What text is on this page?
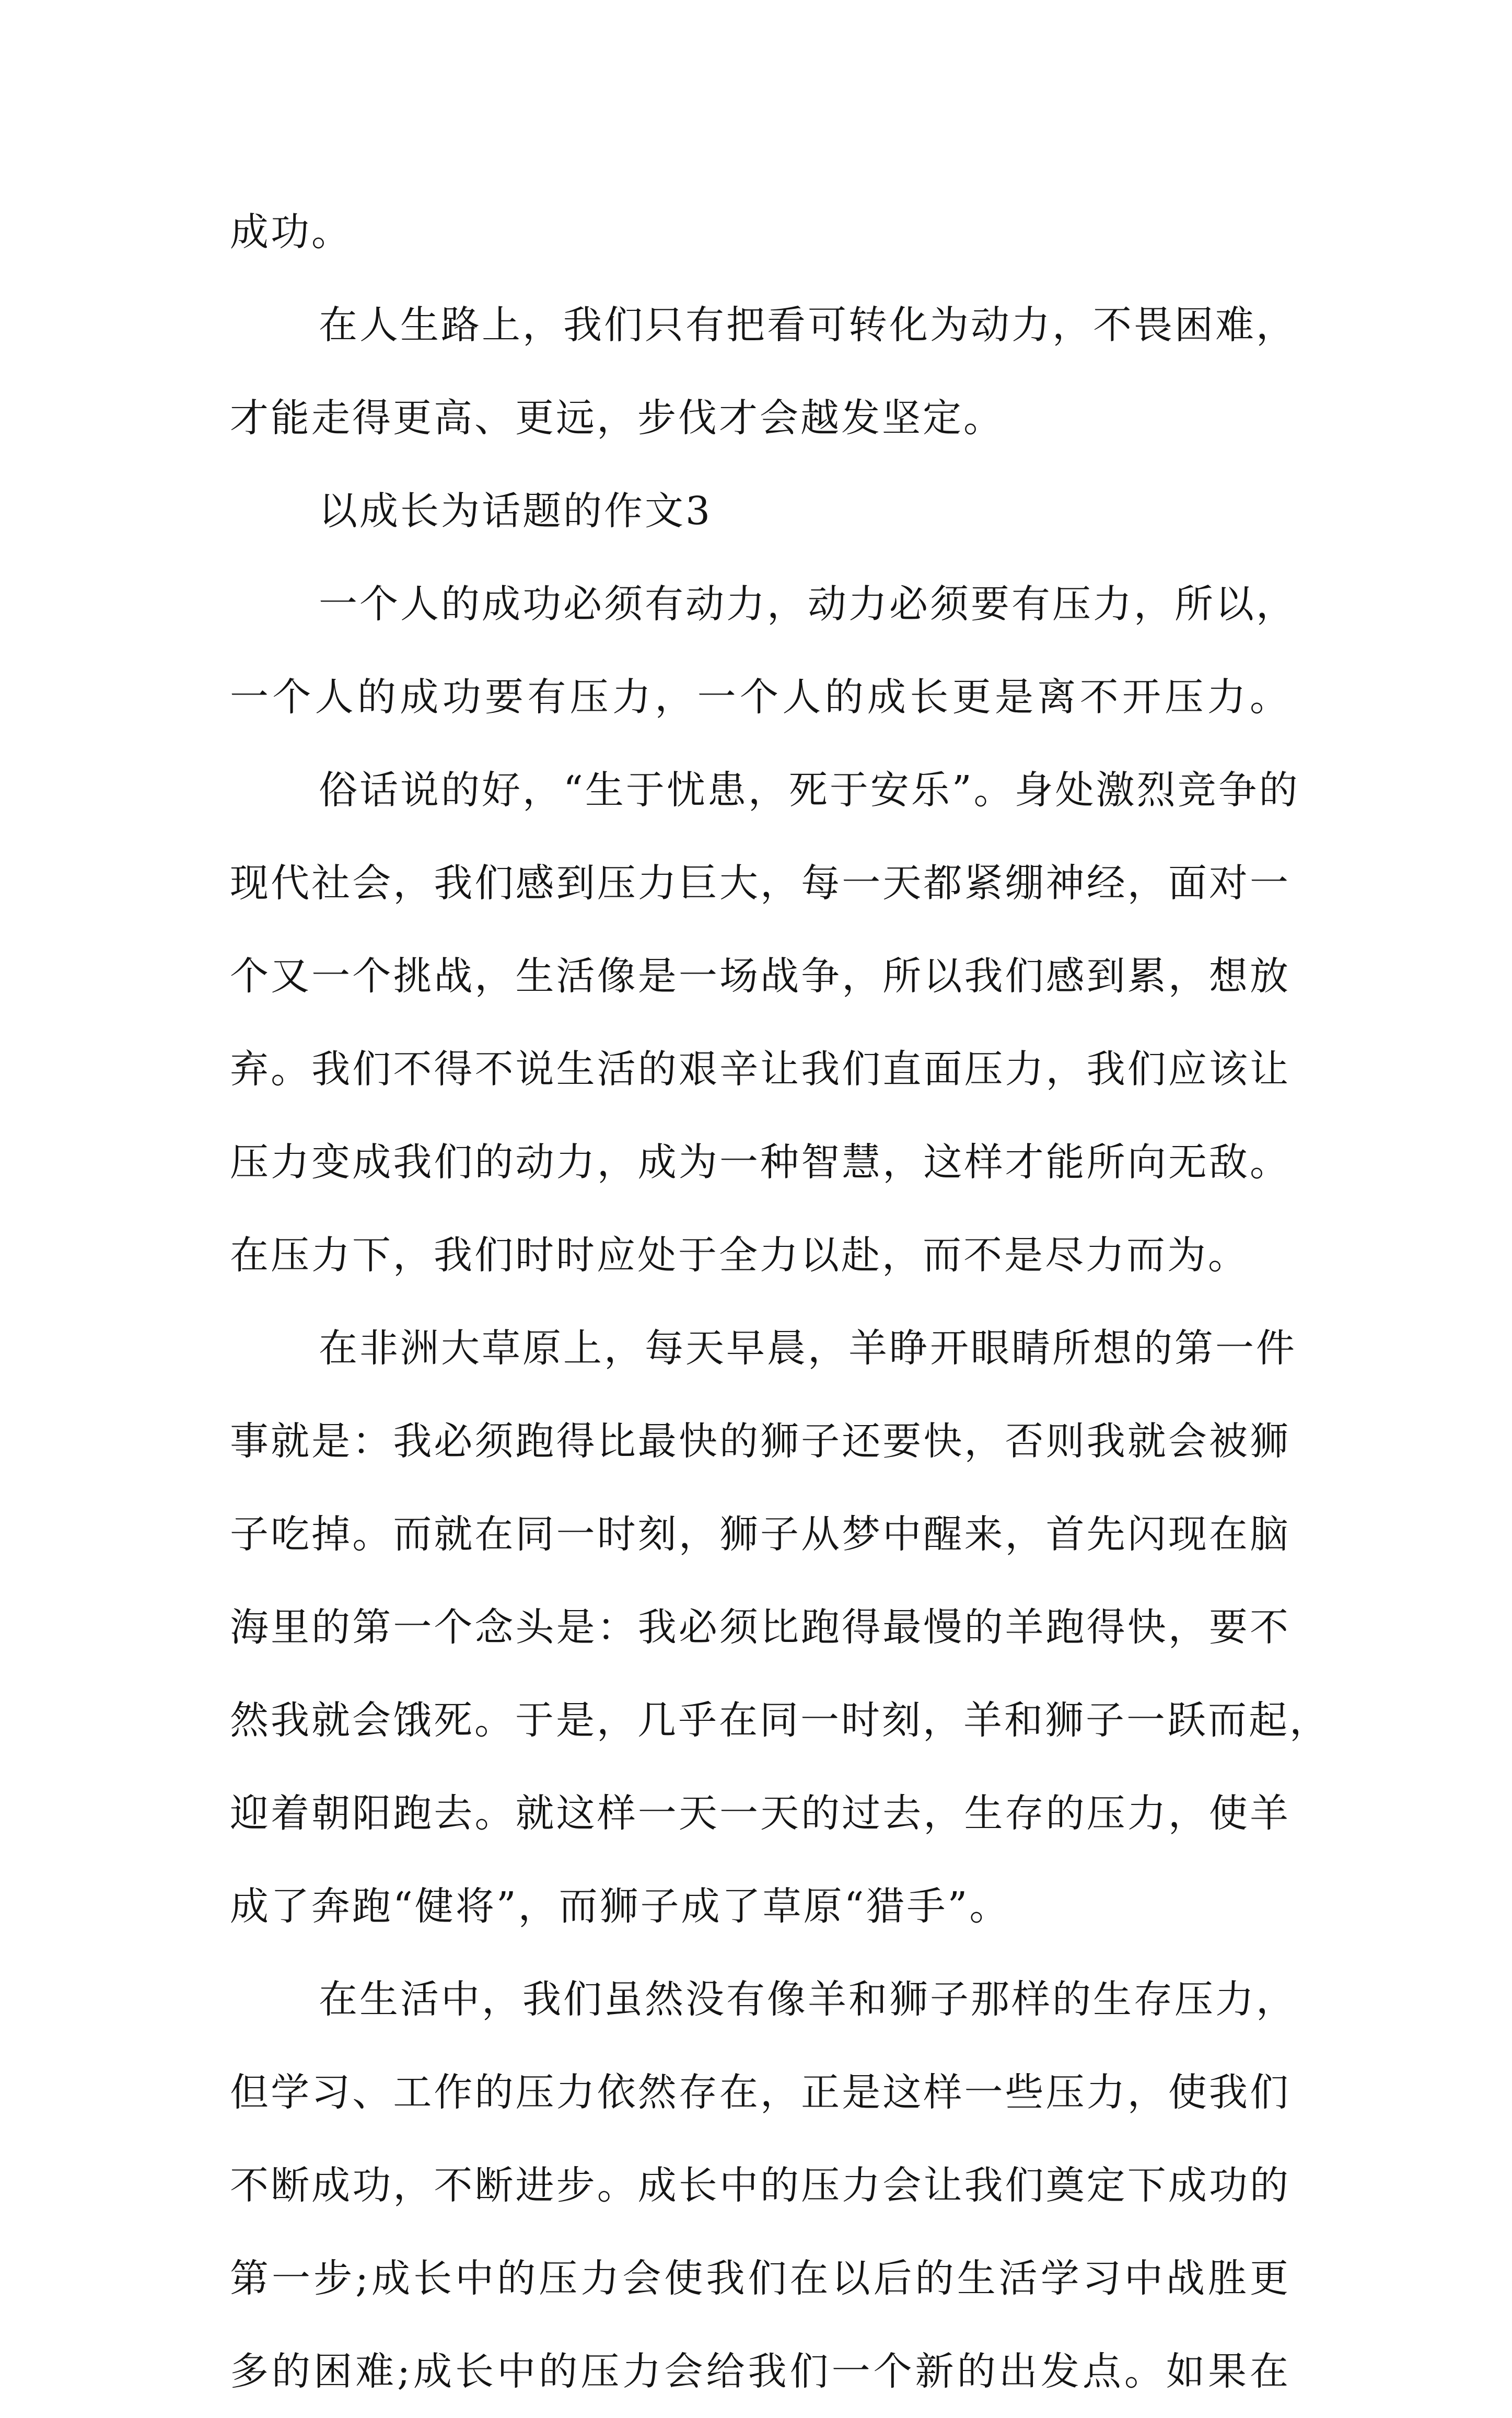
成功。

在人生路上，我们只有把看可转化为动力，不畏困难，

才能走得更高、更远，步伐才会越发坚定。

以成长为话题的作文3

一个人的成功必须有动力，动力必须要有压力，所以，

一个人的成功要有压力，一个人的成长更是离不开压力。

俗话说的好，“生于忧患，死于安乐”。身处激烈竞争的

现代社会，我们感到压力巨大，每一天都紧绷神经，面对一

个又一个挑战，生活像是一场战争，所以我们感到累，想放

弃。我们不得不说生活的艰辛让我们直面压力，我们应该让

压力变成我们的动力，成为一种智慧，这样才能所向无敌。

在压力下，我们时时应处于全力以赴，而不是尽力而为。

在非洲大草原上，每天早晨，羊睁开眼睛所想的第一件

事就是：我必须跑得比最快的狮子还要快，否则我就会被狮

子吃掉。而就在同一时刻，狮子从梦中醒来，首先闪现在脑

海里的第一个念头是：我必须比跑得最慢的羊跑得快，要不

然我就会饿死。于是，几乎在同一时刻，羊和狮子一跃而起，

迎着朝阳跑去。就这样一天一天的过去，生存的压力，使羊

成了奔跑“健将”，而狮子成了草原“猎手”。

在生活中，我们虽然没有像羊和狮子那样的生存压力，

但学习、工作的压力依然存在，正是这样一些压力，使我们

不断成功，不断进步。成长中的压力会让我们奠定下成功的

第一步;成长中的压力会使我们在以后的生活学习中战胜更

多的困难;成长中的压力会给我们一个新的出发点。如果在
